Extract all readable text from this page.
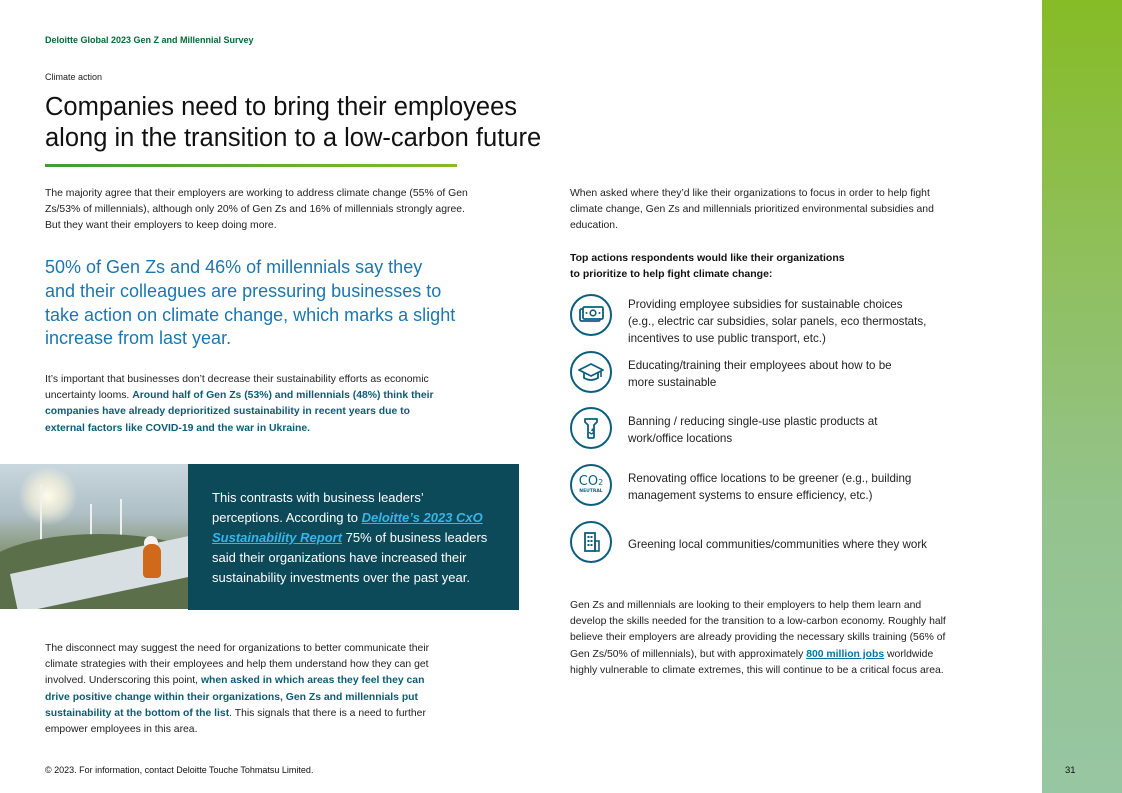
Deloitte Global 2023 Gen Z and Millennial Survey
Climate action
Companies need to bring their employees
along in the transition to a low-carbon future

The majority agree that their employers are working to address climate change (55% of Gen
Zs/53% of millennials), although only 20% of Gen Zs and 16% of millennials strongly agree.
But they want their employers to keep doing more.

50% of Gen Zs and 46% of millennials say they
and their colleagues are pressuring businesses to
take action on climate change, which marks a slight
increase from last year.

It’s important that businesses don’t decrease their sustainability efforts as economic
uncertainty looms. Around half of Gen Zs (53%) and millennials (48%) think their
companies have already deprioritized sustainability in recent years due to
external factors like COVID-19 and the war in Ukraine.

This contrasts with business leaders’
perceptions. According to Deloitte’s 2023 CxO
Sustainability Report 75% of business leaders
said their organizations have increased their
sustainability investments over the past year.

The disconnect may suggest the need for organizations to better communicate their
climate strategies with their employees and help them understand how they can get
involved. Underscoring this point, when asked in which areas they feel they can
drive positive change within their organizations, Gen Zs and millennials put
sustainability at the bottom of the list. This signals that there is a need to further
empower employees in this area.

When asked where they’d like their organizations to focus in order to help fight
climate change, Gen Zs and millennials prioritized environmental subsidies and
education.

Top actions respondents would like their organizations
to prioritize to help fight climate change:

Providing employee subsidies for sustainable choices
(e.g., electric car subsidies, solar panels, eco thermostats,
incentives to use public transport, etc.)
Educating/training their employees about how to be
more sustainable
Banning / reducing single-use plastic products at
work/office locations
CO2
NEUTRAL
Renovating office locations to be greener (e.g., building
management systems to ensure efficiency, etc.)
Greening local communities/communities where they work

Gen Zs and millennials are looking to their employers to help them learn and
develop the skills needed for the transition to a low-carbon economy. Roughly half
believe their employers are already providing the necessary skills training (56% of
Gen Zs/50% of millennials), but with approximately 800 million jobs worldwide
highly vulnerable to climate extremes, this will continue to be a critical focus area.

© 2023. For information, contact Deloitte Touche Tohmatsu Limited.	31
